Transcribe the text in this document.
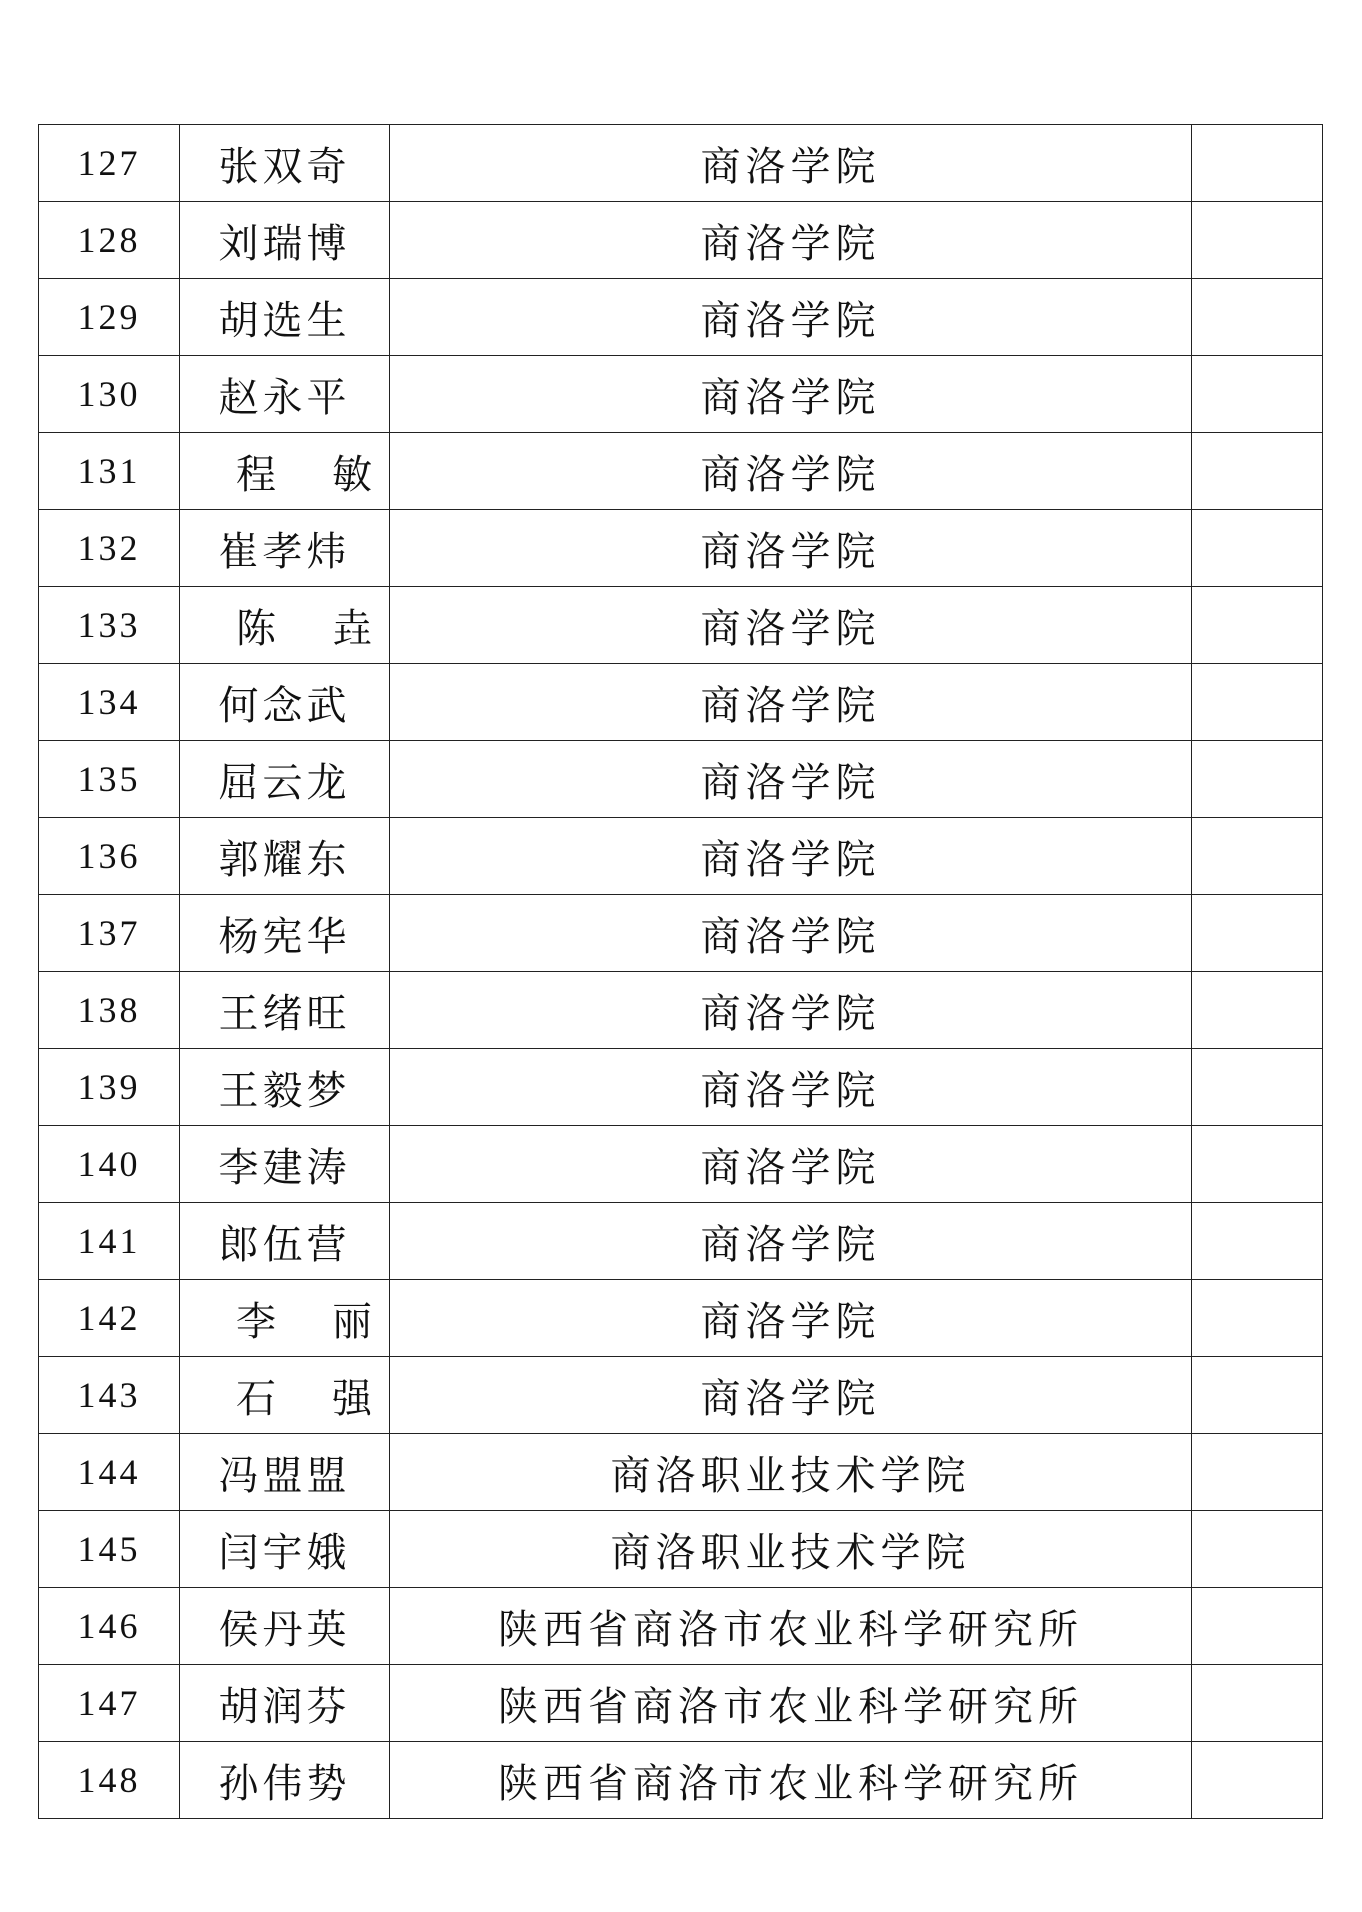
127	张双奇	商洛学院	
128	刘瑞博	商洛学院	
129	胡选生	商洛学院	
130	赵永平	商洛学院	
131	程敏	商洛学院	
132	崔孝炜	商洛学院	
133	陈垚	商洛学院	
134	何念武	商洛学院	
135	屈云龙	商洛学院	
136	郭耀东	商洛学院	
137	杨宪华	商洛学院	
138	王绪旺	商洛学院	
139	王毅梦	商洛学院	
140	李建涛	商洛学院	
141	郎伍营	商洛学院	
142	李丽	商洛学院	
143	石强	商洛学院	
144	冯盟盟	商洛职业技术学院	
145	闫宇娥	商洛职业技术学院	
146	侯丹英	陕西省商洛市农业科学研究所	
147	胡润芬	陕西省商洛市农业科学研究所	
148	孙伟势	陕西省商洛市农业科学研究所	
